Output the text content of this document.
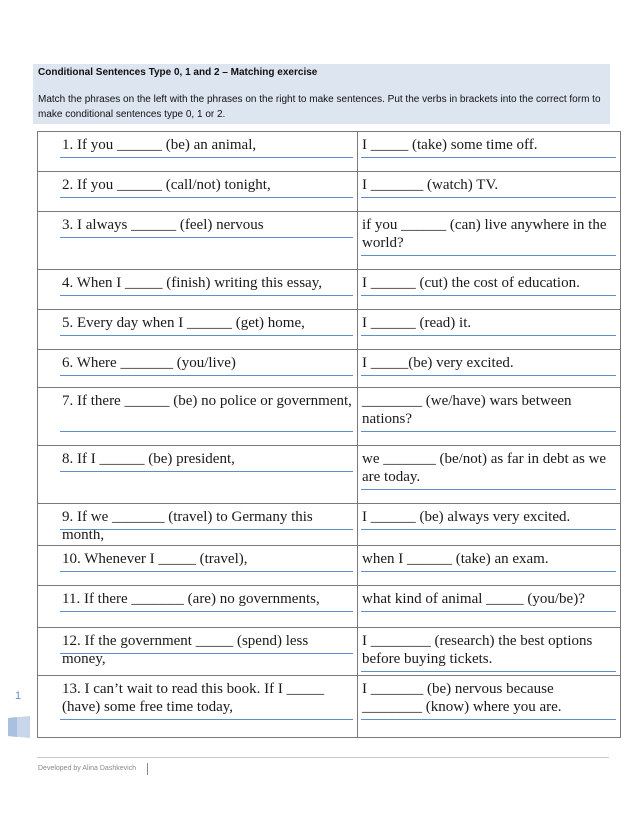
Conditional Sentences Type 0, 1 and 2 – Matching exercise
Match the phrases on the left with the phrases on the right to make sentences. Put the verbs in brackets into the correct form to make conditional sentences type 0, 1 or 2.
1. If you ______ (be) an animal,	I _____ (take) some time off.

2. If you ______ (call/not) tonight,	I _______ (watch) TV.

3. I always ______ (feel) nervous	if you ______ (can) live anywhere in the world?

4. When I _____ (finish) writing this essay,	I ______ (cut) the cost of education.

5. Every day when I ______ (get) home,	I ______ (read) it.

6. Where _______ (you/live)	I _____(be) very excited.

7. If there ______ (be) no police or government,	________ (we/have) wars between nations?

8. If I ______ (be) president,	we _______ (be/not) as far in debt as we are today.

9. If we _______ (travel) to Germany this month,	I ______ (be) always very excited.

10. Whenever I _____ (travel),	when I ______ (take) an exam.

11. If there _______ (are) no governments,	what kind of animal _____ (you/be)?

12. If the government _____ (spend) less money,	I ________ (research) the best options before buying tickets.

13. I can’t wait to read this book. If I _____ (have) some free time today,	I _______ (be) nervous because ________ (know) where you are.
1
Developed by Alina Dashkevich
